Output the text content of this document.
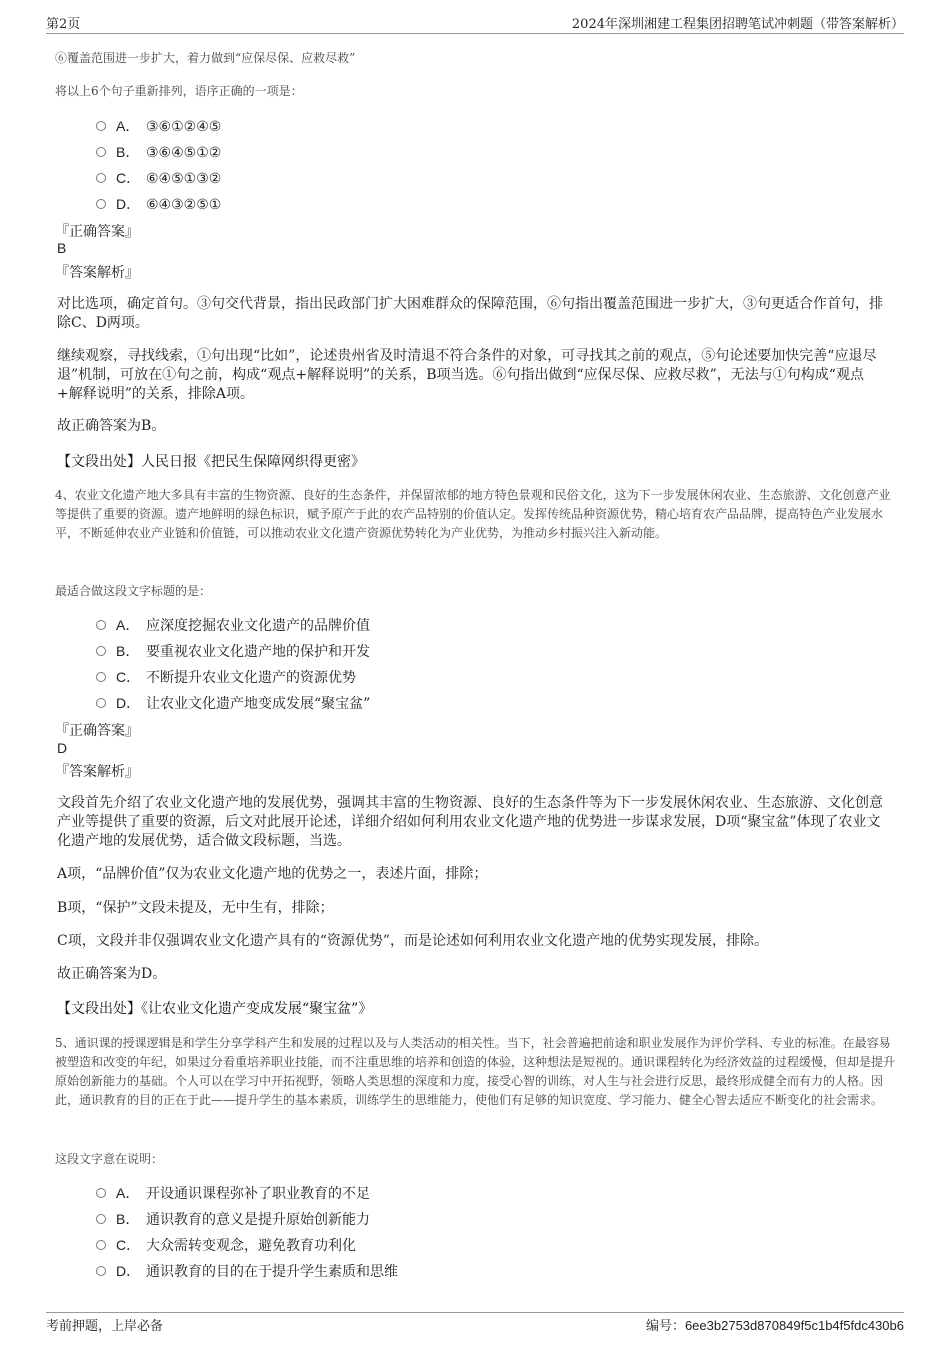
第2页	2024年深圳湘建工程集团招聘笔试冲刺题（带答案解析）
⑥覆盖范围进一步扩大，着力做到“应保尽保、应救尽救”
将以上6个句子重新排列，语序正确的一项是：
A． ③⑥①②④⑤
B． ③⑥④⑤①②
C． ⑥④⑤①③②
D． ⑥④③②⑤①
『正确答案』
B
『答案解析』
对比选项，确定首句。③句交代背景，指出民政部门扩大困难群众的保障范围，⑥句指出覆盖范围进一步扩大，③句更适合作首句，排除C、D两项。
继续观察，寻找线索，①句出现“比如”，论述贵州省及时清退不符合条件的对象，可寻找其之前的观点，⑤句论述要加快完善“应退尽退”机制，可放在①句之前，构成“观点+解释说明”的关系，B项当选。⑥句指出做到“应保尽保、应救尽救”，无法与①句构成“观点+解释说明”的关系，排除A项。
故正确答案为B。
【文段出处】人民日报《把民生保障网织得更密》
4、农业文化遗产地大多具有丰富的生物资源、良好的生态条件，并保留浓郁的地方特色景观和民俗文化，这为下一步发展休闲农业、生态旅游、文化创意产业等提供了重要的资源。遗产地鲜明的绿色标识，赋予原产于此的农产品特别的价值认定。发挥传统品种资源优势，精心培育农产品品牌，提高特色产业发展水平，不断延伸农业产业链和价值链，可以推动农业文化遗产资源优势转化为产业优势，为推动乡村振兴注入新动能。
最适合做这段文字标题的是：
A． 应深度挖掘农业文化遗产的品牌价值
B． 要重视农业文化遗产地的保护和开发
C． 不断提升农业文化遗产的资源优势
D． 让农业文化遗产地变成发展“聚宝盆”
『正确答案』
D
『答案解析』
文段首先介绍了农业文化遗产地的发展优势，强调其丰富的生物资源、良好的生态条件等为下一步发展休闲农业、生态旅游、文化创意产业等提供了重要的资源，后文对此展开论述，详细介绍如何利用农业文化遗产地的优势进一步谋求发展，D项“聚宝盆”体现了农业文化遗产地的发展优势，适合做文段标题，当选。
A项，“品牌价值”仅为农业文化遗产地的优势之一，表述片面，排除；
B项，“保护”文段未提及，无中生有，排除；
C项，文段并非仅强调农业文化遗产具有的“资源优势”，而是论述如何利用农业文化遗产地的优势实现发展，排除。
故正确答案为D。
【文段出处】《让农业文化遗产变成发展“聚宝盆”》
5、通识课的授课逻辑是和学生分享学科产生和发展的过程以及与人类活动的相关性。当下，社会普遍把前途和职业发展作为评价学科、专业的标准。在最容易被塑造和改变的年纪，如果过分看重培养职业技能，而不注重思维的培养和创造的体验，这种想法是短视的。通识课程转化为经济效益的过程缓慢，但却是提升原始创新能力的基础。个人可以在学习中开拓视野，领略人类思想的深度和力度，接受心智的训练，对人生与社会进行反思，最终形成健全而有力的人格。因此，通识教育的目的正在于此——提升学生的基本素质，训练学生的思维能力，使他们有足够的知识宽度、学习能力、健全心智去适应不断变化的社会需求。
这段文字意在说明：
A． 开设通识课程弥补了职业教育的不足
B． 通识教育的意义是提升原始创新能力
C． 大众需转变观念，避免教育功利化
D． 通识教育的目的在于提升学生素质和思维
考前押题，上岸必备	编号：6ee3b2753d870849f5c1b4f5fdc430b6
